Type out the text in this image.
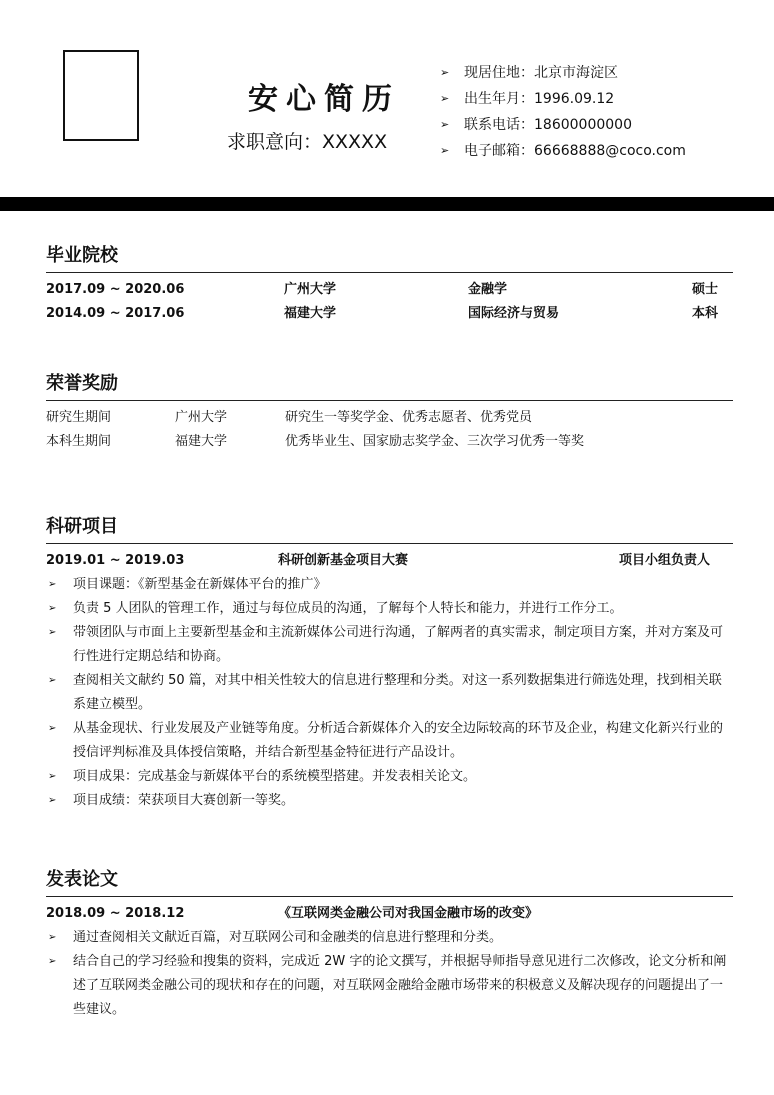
安心简历
求职意向：XXXXX
➢	现居住地：北京市海淀区
➢	出生年月：1996.09.12
➢	联系电话：18600000000
➢	电子邮箱：66668888@coco.com
毕业院校
2017.09 ~ 2020.06	广州大学	金融学	硕士
2014.09 ~ 2017.06	福建大学	国际经济与贸易	本科
荣誉奖励
研究生期间	广州大学	研究生一等奖学金、优秀志愿者、优秀党员
本科生期间	福建大学	优秀毕业生、国家励志奖学金、三次学习优秀一等奖
科研项目
2019.01 ~ 2019.03	科研创新基金项目大赛	项目小组负责人
➢	项目课题：《新型基金在新媒体平台的推广》
➢	负责 5 人团队的管理工作，通过与每位成员的沟通，了解每个人特长和能力，并进行工作分工。
➢	带领团队与市面上主要新型基金和主流新媒体公司进行沟通，了解两者的真实需求，制定项目方案，并对方案及可行性进行定期总结和协商。
➢	查阅相关文献约 50 篇，对其中相关性较大的信息进行整理和分类。对这一系列数据集进行筛选处理，找到相关联系建立模型。
➢	从基金现状、行业发展及产业链等角度。分析适合新媒体介入的安全边际较高的环节及企业，构建文化新兴行业的授信评判标准及具体授信策略，并结合新型基金特征进行产品设计。
➢	项目成果：完成基金与新媒体平台的系统模型搭建。并发表相关论文。
➢	项目成绩：荣获项目大赛创新一等奖。
发表论文
2018.09 ~ 2018.12	《互联网类金融公司对我国金融市场的改变》
➢	通过查阅相关文献近百篇，对互联网公司和金融类的信息进行整理和分类。
➢	结合自己的学习经验和搜集的资料，完成近 2W 字的论文撰写，并根据导师指导意见进行二次修改，论文分析和阐述了互联网类金融公司的现状和存在的问题，对互联网金融给金融市场带来的积极意义及解决现存的问题提出了一些建议。
